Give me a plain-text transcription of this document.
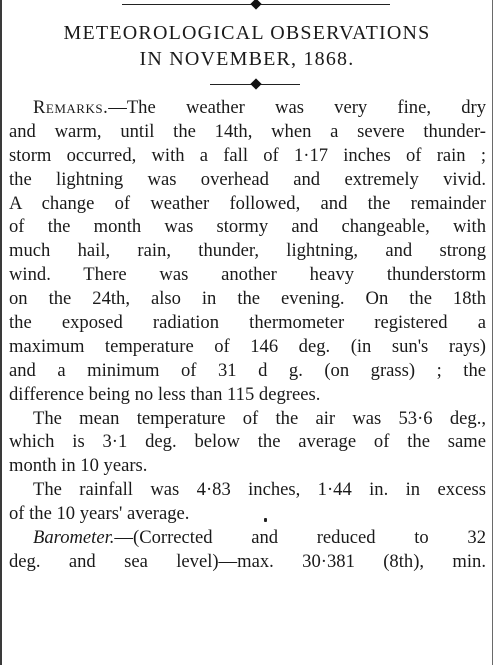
METEOROLOGICAL OBSERVATIONS
IN NOVEMBER, 1868.
Remarks.—The weather was very fine, dry
and warm, until the 14th, when a severe thunder-
storm occurred, with a fall of 1·17 inches of rain ;
the lightning was overhead and extremely vivid.
A change of weather followed, and the remainder
of the month was stormy and changeable, with
much hail, rain, thunder, lightning, and strong
wind. There was another heavy thunderstorm
on the 24th, also in the evening. On the 18th
the exposed radiation thermometer registered a
maximum temperature of 146 deg. (in sun's rays)
and a minimum of 31 d g. (on grass) ; the
difference being no less than 115 degrees.
The mean temperature of the air was 53·6 deg.,
which is 3·1 deg. below the average of the same
month in 10 years.
The rainfall was 4·83 inches, 1·44 in. in excess
of the 10 years' average.
Barometer.—(Corrected and reduced to 32
deg. and sea level)—max. 30·381 (8th), min.
